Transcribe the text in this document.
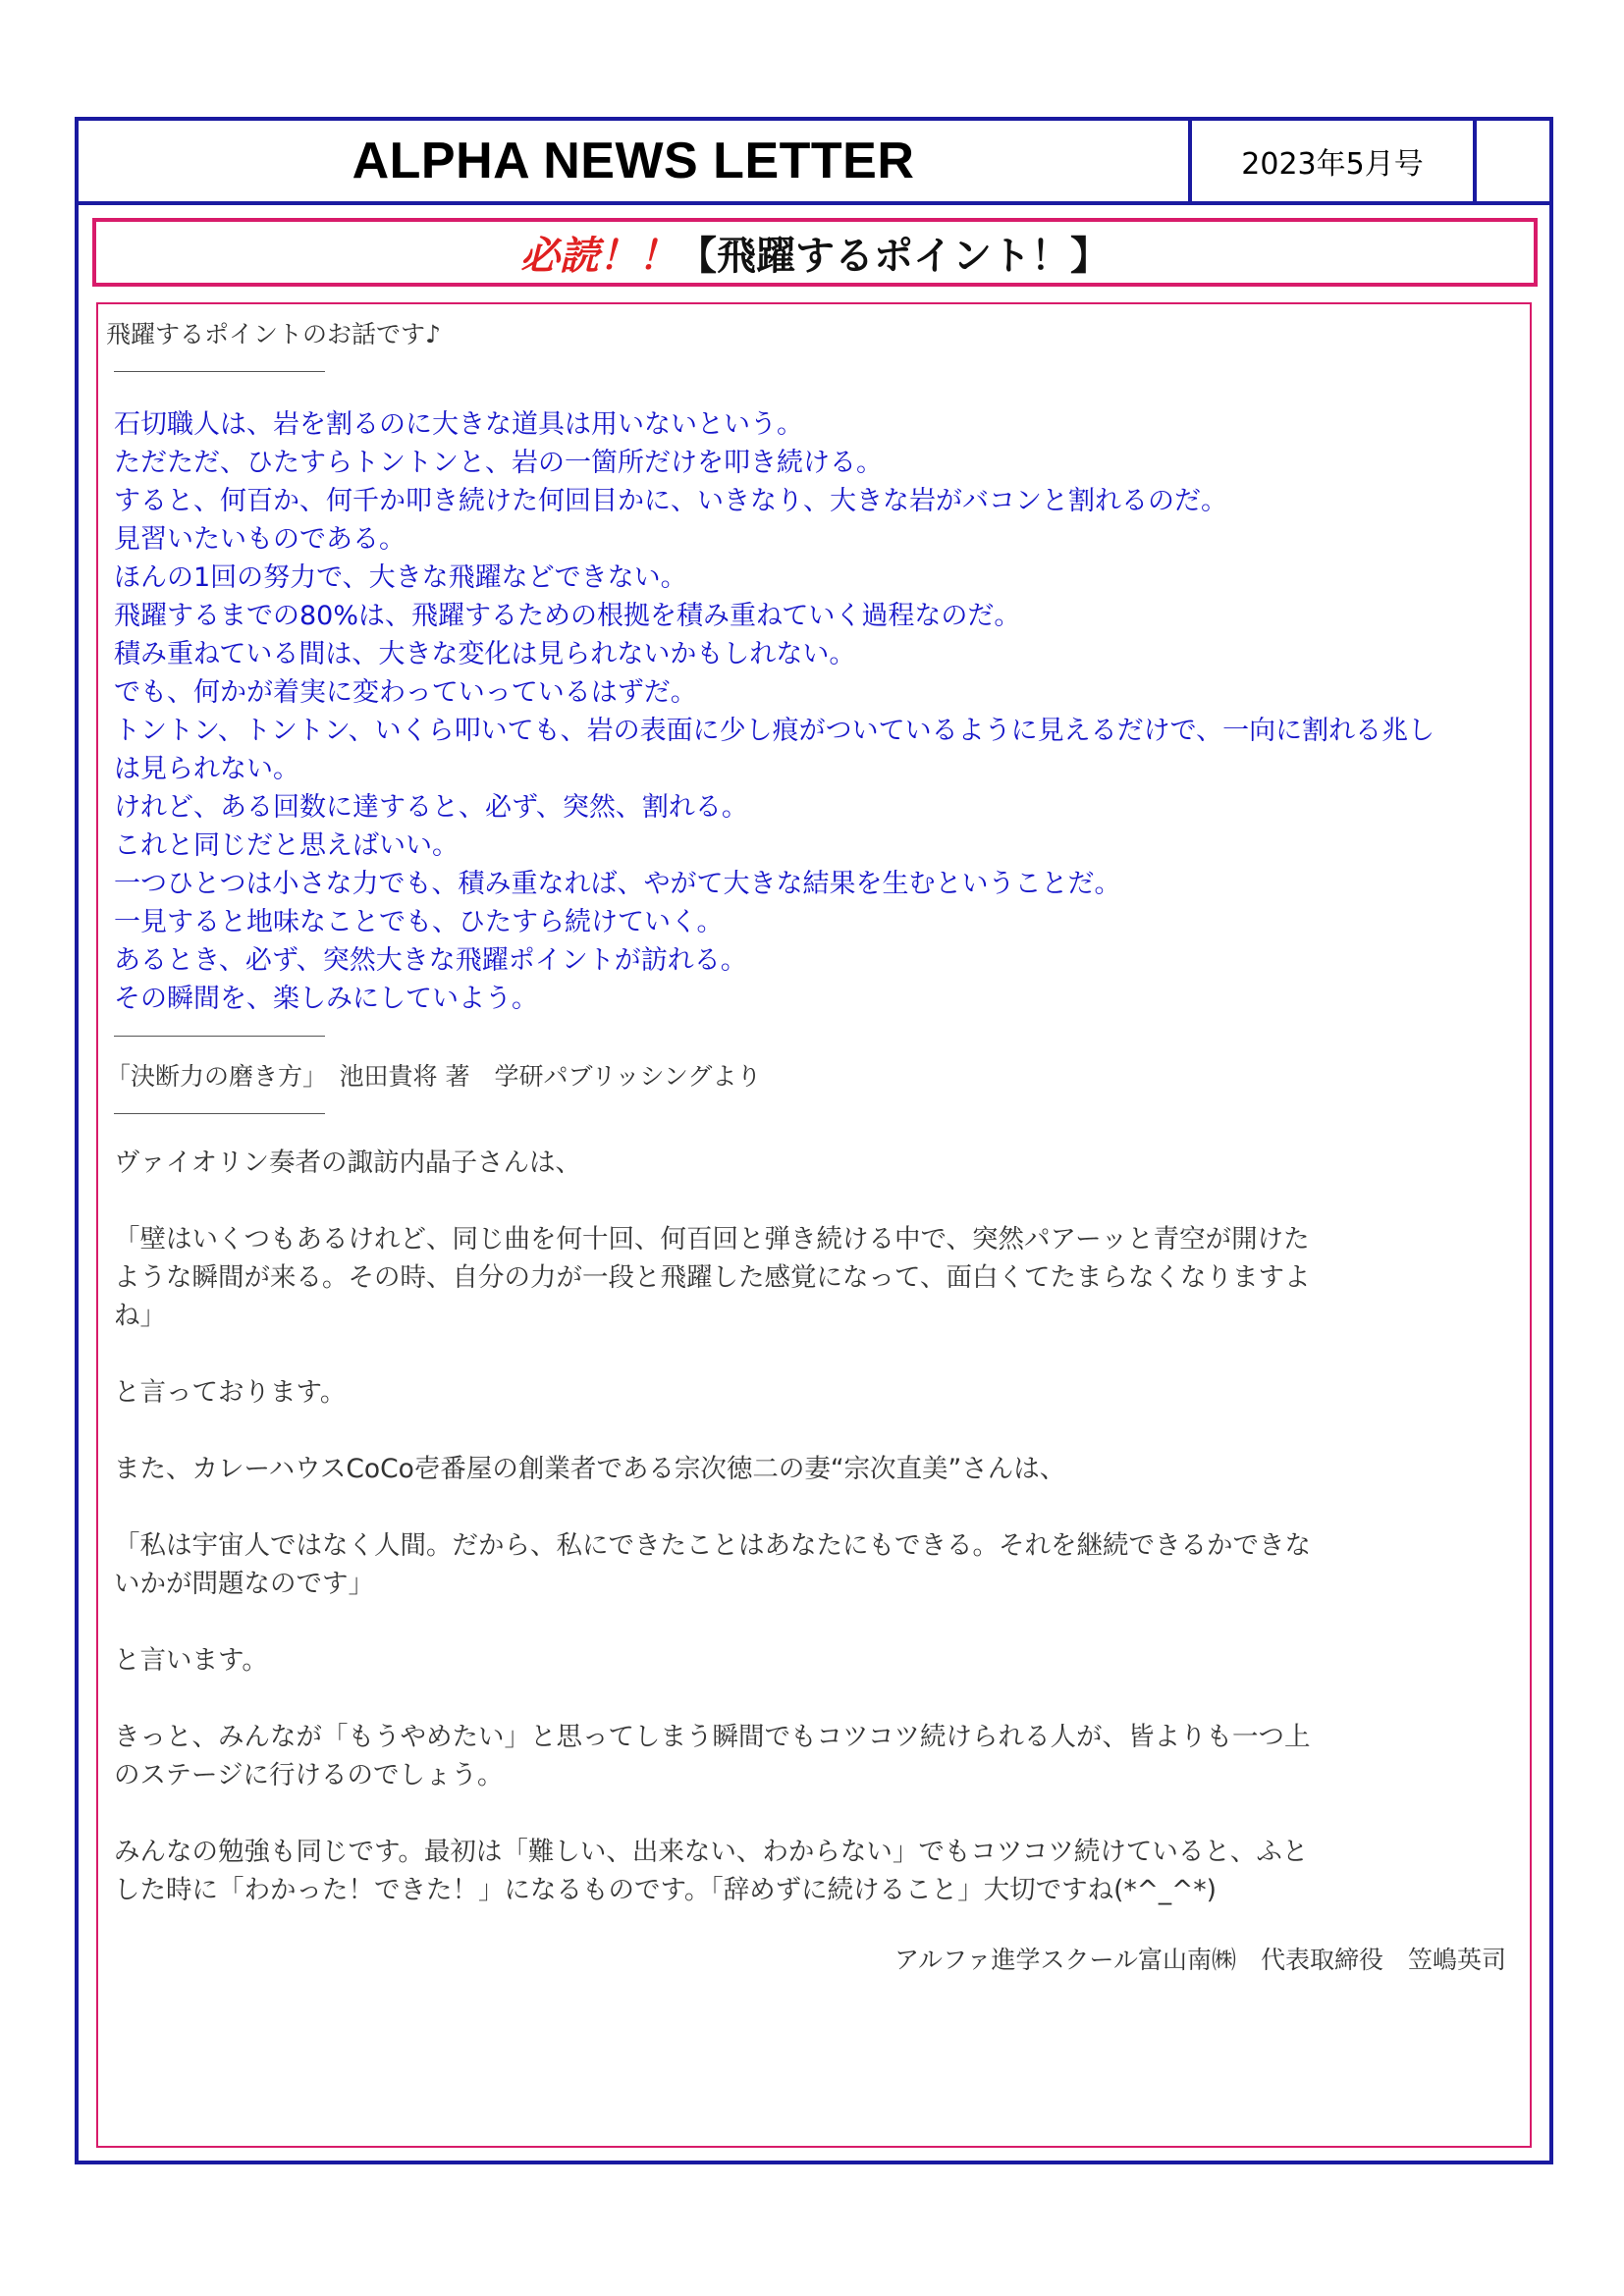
ALPHA NEWS LETTER	2023年5月号
必読！！ 【飛躍するポイント！】
飛躍するポイントのお話です♪
石切職人は、岩を割るのに大きな道具は用いないという。
ただただ、ひたすらトントンと、岩の一箇所だけを叩き続ける。
すると、何百か、何千か叩き続けた何回目かに、いきなり、大きな岩がバコンと割れるのだ。
見習いたいものである。
ほんの1回の努力で、大きな飛躍などできない。
飛躍するまでの80%は、飛躍するための根拠を積み重ねていく過程なのだ。
積み重ねている間は、大きな変化は見られないかもしれない。
でも、何かが着実に変わっていっているはずだ。
トントン、トントン、いくら叩いても、岩の表面に少し痕がついているように見えるだけで、一向に割れる兆し
は見られない。
けれど、ある回数に達すると、必ず、突然、割れる。
これと同じだと思えばいい。
一つひとつは小さな力でも、積み重なれば、やがて大きな結果を生むということだ。
一見すると地味なことでも、ひたすら続けていく。
あるとき、必ず、突然大きな飛躍ポイントが訪れる。
その瞬間を、楽しみにしていよう。
「決断力の磨き方」　池田貴将 著　学研パブリッシングより
ヴァイオリン奏者の諏訪内晶子さんは、
「壁はいくつもあるけれど、同じ曲を何十回、何百回と弾き続ける中で、突然パアーッと青空が開けた
ような瞬間が来る。その時、自分の力が一段と飛躍した感覚になって、面白くてたまらなくなりますよ
ね」
と言っております。
また、カレーハウスCoCo壱番屋の創業者である宗次徳二の妻“宗次直美”さんは、
「私は宇宙人ではなく人間。だから、私にできたことはあなたにもできる。それを継続できるかできな
いかが問題なのです」
と言います。
きっと、みんなが「もうやめたい」と思ってしまう瞬間でもコツコツ続けられる人が、皆よりも一つ上
のステージに行けるのでしょう。
みんなの勉強も同じです。最初は「難しい、出来ない、わからない」でもコツコツ続けていると、ふと
した時に「わかった！できた！」になるものです。「辞めずに続けること」大切ですね(*^_^*)
アルファ進学スクール富山南㈱　代表取締役　笠嶋英司
